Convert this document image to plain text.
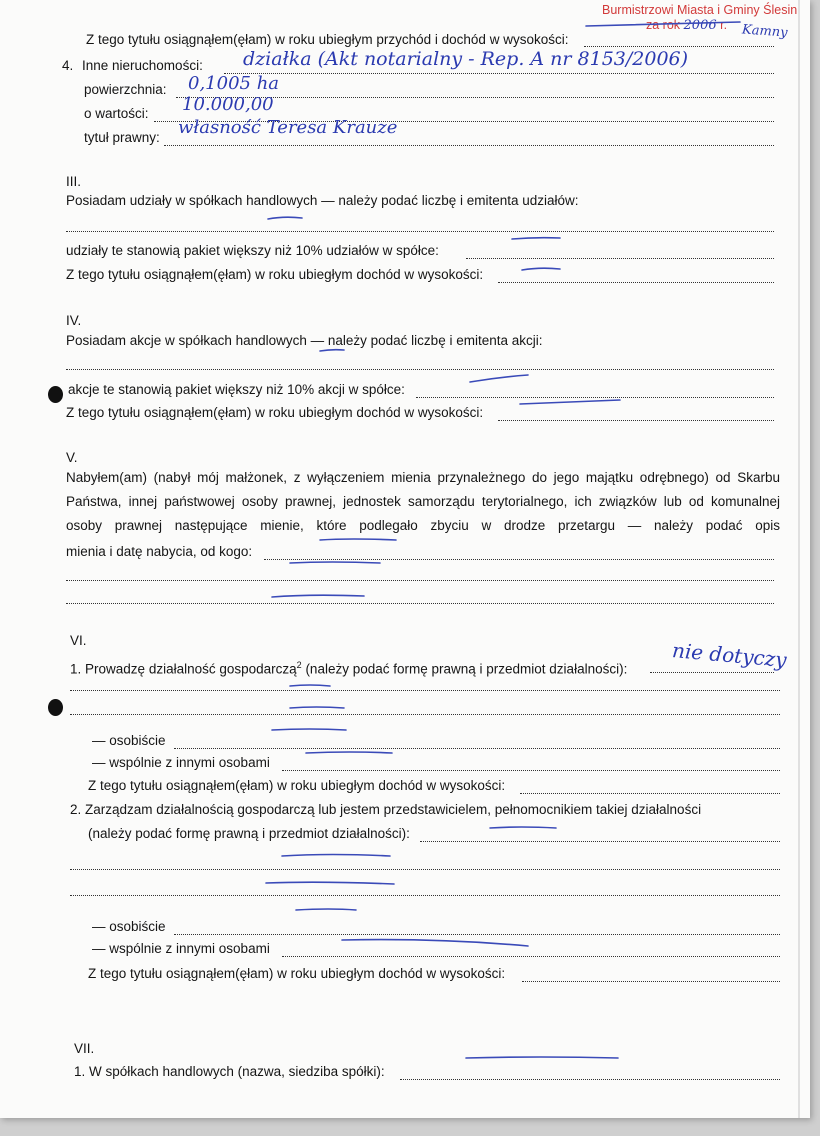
Burmistrzowi Miasta i Gminy Ślesin
za rok 2006 r. Kamny
Z tego tytułu osiągnąłem(ęłam) w roku ubiegłym przychód i dochód w wysokości:
4. Inne nieruchomości: działka (Akt notarialny - Rep. A nr 8153/2006)
powierzchnia: 0,1005 ha
o wartości: 10.000,00
tytuł prawny: własność Teresa Krauze
III.
Posiadam udziały w spółkach handlowych — należy podać liczbę i emitenta udziałów:
udziały te stanowią pakiet większy niż 10% udziałów w spółce:
Z tego tytułu osiągnąłem(ęłam) w roku ubiegłym dochód w wysokości:
IV.
Posiadam akcje w spółkach handlowych — należy podać liczbę i emitenta akcji:
akcje te stanowią pakiet większy niż 10% akcji w spółce:
Z tego tytułu osiągnąłem(ęłam) w roku ubiegłym dochód w wysokości:
V.
Nabyłem(am) (nabył mój małżonek, z wyłączeniem mienia przynależnego do jego majątku odrębnego) od Skarbu
Państwa, innej państwowej osoby prawnej, jednostek samorządu terytorialnego, ich związków lub od komunalnej
osoby prawnej następujące mienie, które podlegało zbyciu w drodze przetargu — należy podać opis
mienia i datę nabycia, od kogo:
VI.
1. Prowadzę działalność gospodarczą$^2$ (należy podać formę prawną i przedmiot działalności): nie dotyczy
— osobiście
— wspólnie z innymi osobami
Z tego tytułu osiągnąłem(ęłam) w roku ubiegłym dochód w wysokości:
2. Zarządzam działalnością gospodarczą lub jestem przedstawicielem, pełnomocnikiem takiej działalności
(należy podać formę prawną i przedmiot działalności):
— osobiście
— wspólnie z innymi osobami
Z tego tytułu osiągnąłem(ęłam) w roku ubiegłym dochód w wysokości:
VII.
1. W spółkach handlowych (nazwa, siedziba spółki):
